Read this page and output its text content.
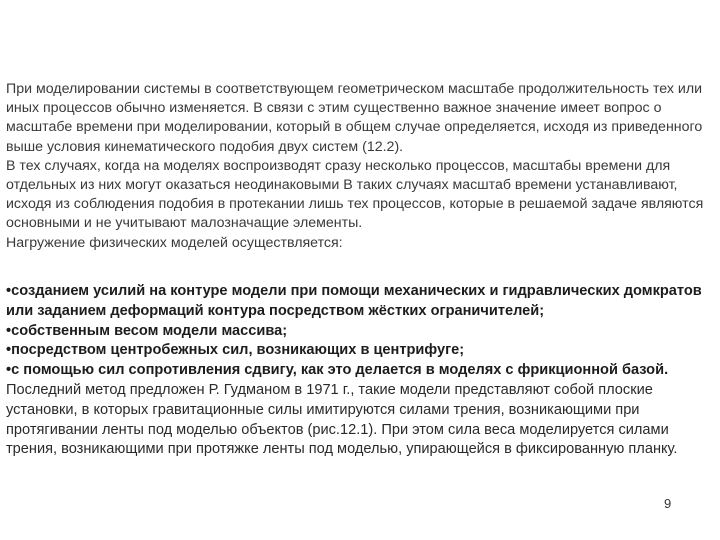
При моделировании системы в соответствующем геометрическом масштабе продолжительность тех или иных процессов обычно изменяется. В связи с этим существенно важное значение имеет вопрос о масштабе времени при моделировании, который в общем случае определяется, исходя из приведенного выше условия кинематического подобия двух систем (12.2).

В тех случаях, когда на моделях воспроизводят сразу несколько процессов, масштабы времени для отдельных из них могут оказаться неодинаковыми В таких случаях масштаб времени устанавливают, исходя из соблюдения подобия в протекании лишь тех процессов, которые в решаемой задаче являются основными и не учитывают малозначащие элементы.

Нагружение физических моделей осуществляется:

•созданием усилий на контуре модели при помощи механических и гидравлических домкратов или заданием деформаций контура посредством жёстких ограничителей;

•собственным весом модели массива;

•посредством центробежных сил, возникающих в центрифуге;

•с помощью сил сопротивления сдвигу, как это делается в моделях с фрикционной базой.

Последний метод предложен Р. Гудманом в 1971 г., такие модели представляют собой плоские установки, в которых гравитационные силы имитируются силами трения, возникающими при протягивании ленты под моделью объектов (рис.12.1). При этом сила веса моделируется силами трения, возникающими при протяжке ленты под моделью, упирающейся в фиксированную планку.

9
